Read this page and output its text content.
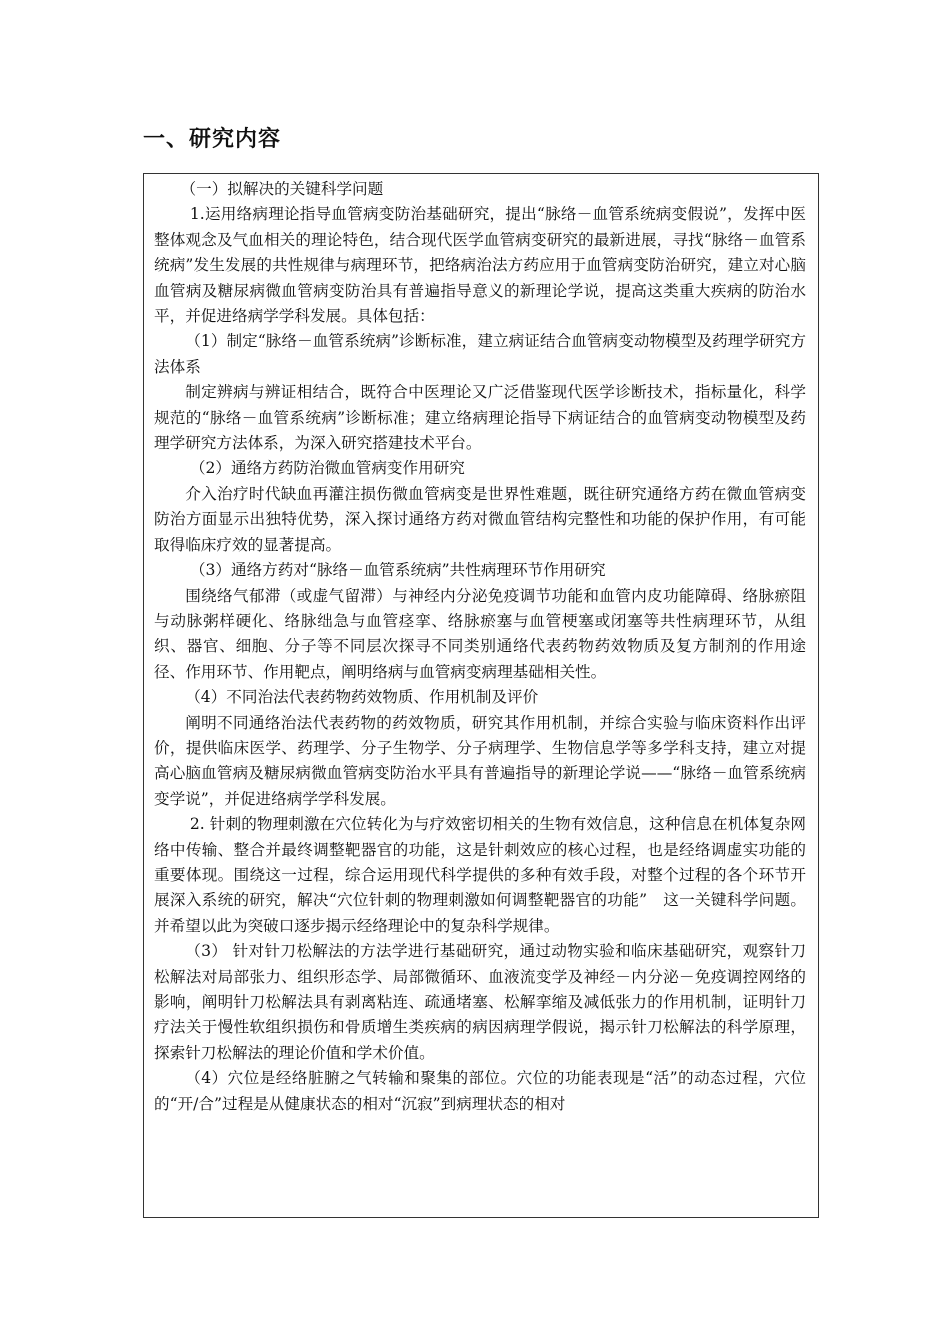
一、研究内容

（一）拟解决的关键科学问题

1.运用络病理论指导血管病变防治基础研究，提出“脉络－血管系统病变假说”，发挥中医整体观念及气血相关的理论特色，结合现代医学血管病变研究的最新进展，寻找“脉络－血管系统病”发生发展的共性规律与病理环节，把络病治法方药应用于血管病变防治研究，建立对心脑血管病及糖尿病微血管病变防治具有普遍指导意义的新理论学说，提高这类重大疾病的防治水平，并促进络病学学科发展。具体包括：

（1）制定“脉络－血管系统病”诊断标准，建立病证结合血管病变动物模型及药理学研究方法体系

制定辨病与辨证相结合，既符合中医理论又广泛借鉴现代医学诊断技术，指标量化，科学规范的“脉络－血管系统病”诊断标准；建立络病理论指导下病证结合的血管病变动物模型及药理学研究方法体系，为深入研究搭建技术平台。

（2）通络方药防治微血管病变作用研究

介入治疗时代缺血再灌注损伤微血管病变是世界性难题，既往研究通络方药在微血管病变防治方面显示出独特优势，深入探讨通络方药对微血管结构完整性和功能的保护作用，有可能取得临床疗效的显著提高。

（3）通络方药对“脉络－血管系统病”共性病理环节作用研究

围绕络气郁滞（或虚气留滞）与神经内分泌免疫调节功能和血管内皮功能障碍、络脉瘀阻与动脉粥样硬化、络脉绌急与血管痉挛、络脉瘀塞与血管梗塞或闭塞等共性病理环节，从组织、器官、细胞、分子等不同层次探寻不同类别通络代表药物药效物质及复方制剂的作用途径、作用环节、作用靶点，阐明络病与血管病变病理基础相关性。

（4）不同治法代表药物药效物质、作用机制及评价

阐明不同通络治法代表药物的药效物质，研究其作用机制，并综合实验与临床资料作出评价，提供临床医学、药理学、分子生物学、分子病理学、生物信息学等多学科支持，建立对提高心脑血管病及糖尿病微血管病变防治水平具有普遍指导的新理论学说——“脉络－血管系统病变学说”，并促进络病学学科发展。

2. 针刺的物理刺激在穴位转化为与疗效密切相关的生物有效信息，这种信息在机体复杂网络中传输、整合并最终调整靶器官的功能，这是针刺效应的核心过程，也是经络调虚实功能的重要体现。围绕这一过程，综合运用现代科学提供的多种有效手段，对整个过程的各个环节开展深入系统的研究，解决“穴位针刺的物理刺激如何调整靶器官的功能”　这一关键科学问题。并希望以此为突破口逐步揭示经络理论中的复杂科学规律。

（3） 针对针刀松解法的方法学进行基础研究，通过动物实验和临床基础研究，观察针刀松解法对局部张力、组织形态学、局部微循环、血液流变学及神经－内分泌－免疫调控网络的影响，阐明针刀松解法具有剥离粘连、疏通堵塞、松解挛缩及减低张力的作用机制，证明针刀疗法关于慢性软组织损伤和骨质增生类疾病的病因病理学假说，揭示针刀松解法的科学原理，探索针刀松解法的理论价值和学术价值。

（4）穴位是经络脏腑之气转输和聚集的部位。穴位的功能表现是“活”的动态过程，穴位的“开/合”过程是从健康状态的相对“沉寂”到病理状态的相对
